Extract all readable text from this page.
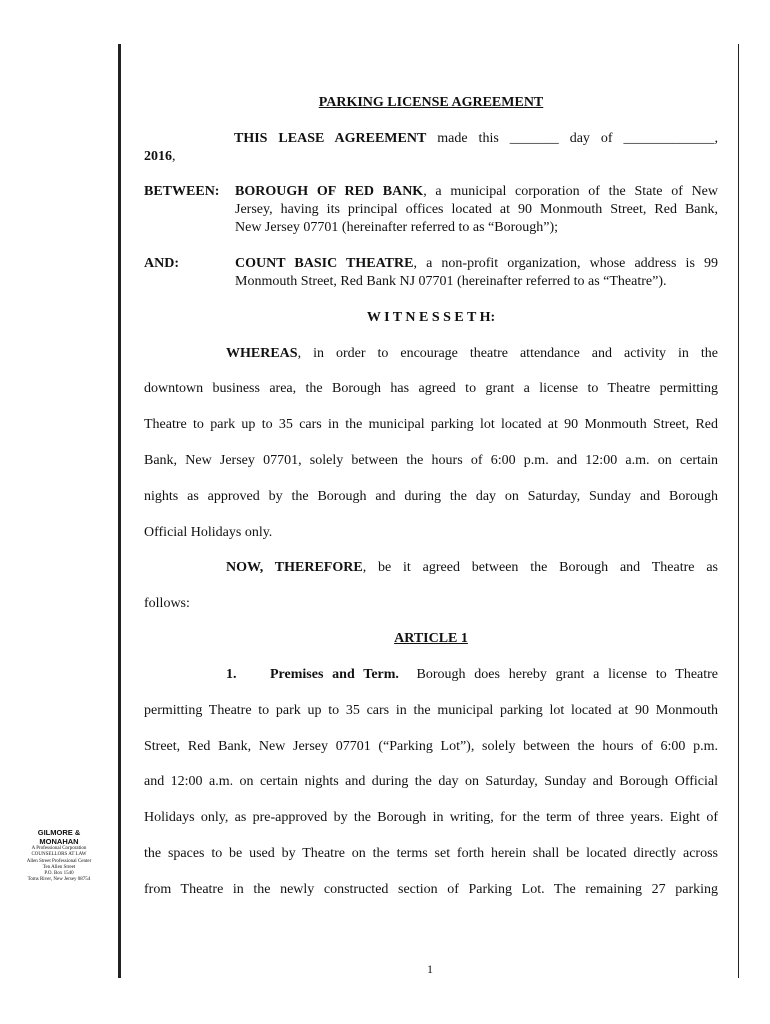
PARKING LICENSE AGREEMENT
THIS LEASE AGREEMENT made this _______ day of _____________,
2016,
BETWEEN: BOROUGH OF RED BANK, a municipal corporation of the State of New
Jersey, having its principal offices located at 90 Monmouth Street, Red Bank,
New Jersey 07701 (hereinafter referred to as “Borough”);
AND:	COUNT BASIC THEATRE, a non-profit organization, whose address is 99
Monmouth Street, Red Bank NJ 07701 (hereinafter referred to as “Theatre”).
W I T N E S S E T H:
WHEREAS, in order to encourage theatre attendance and activity in the
downtown business area, the Borough has agreed to grant a license to Theatre permitting
Theatre to park up to 35 cars in the municipal parking lot located at 90 Monmouth Street, Red
Bank, New Jersey 07701, solely between the hours of 6:00 p.m. and 12:00 a.m. on certain
nights as approved by the Borough and during the day on Saturday, Sunday and Borough
Official Holidays only.
NOW, THEREFORE, be it agreed between the Borough and Theatre as
follows:
ARTICLE 1
1. Premises and Term. Borough does hereby grant a license to Theatre
permitting Theatre to park up to 35 cars in the municipal parking lot located at 90 Monmouth
Street, Red Bank, New Jersey 07701 (“Parking Lot”), solely between the hours of 6:00 p.m.
and 12:00 a.m. on certain nights and during the day on Saturday, Sunday and Borough Official
Holidays only, as pre-approved by the Borough in writing, for the term of three years. Eight of
the spaces to be used by Theatre on the terms set forth herein shall be located directly across
from Theatre in the newly constructed section of Parking Lot. The remaining 27 parking
GILMORE &
MONAHAN
A Professional Corporation
COUNSELLORS AT LAW
Allen Street Professional Center
Ten Allen Street
P.O. Box 1540
Toms River, New Jersey 08754
1
